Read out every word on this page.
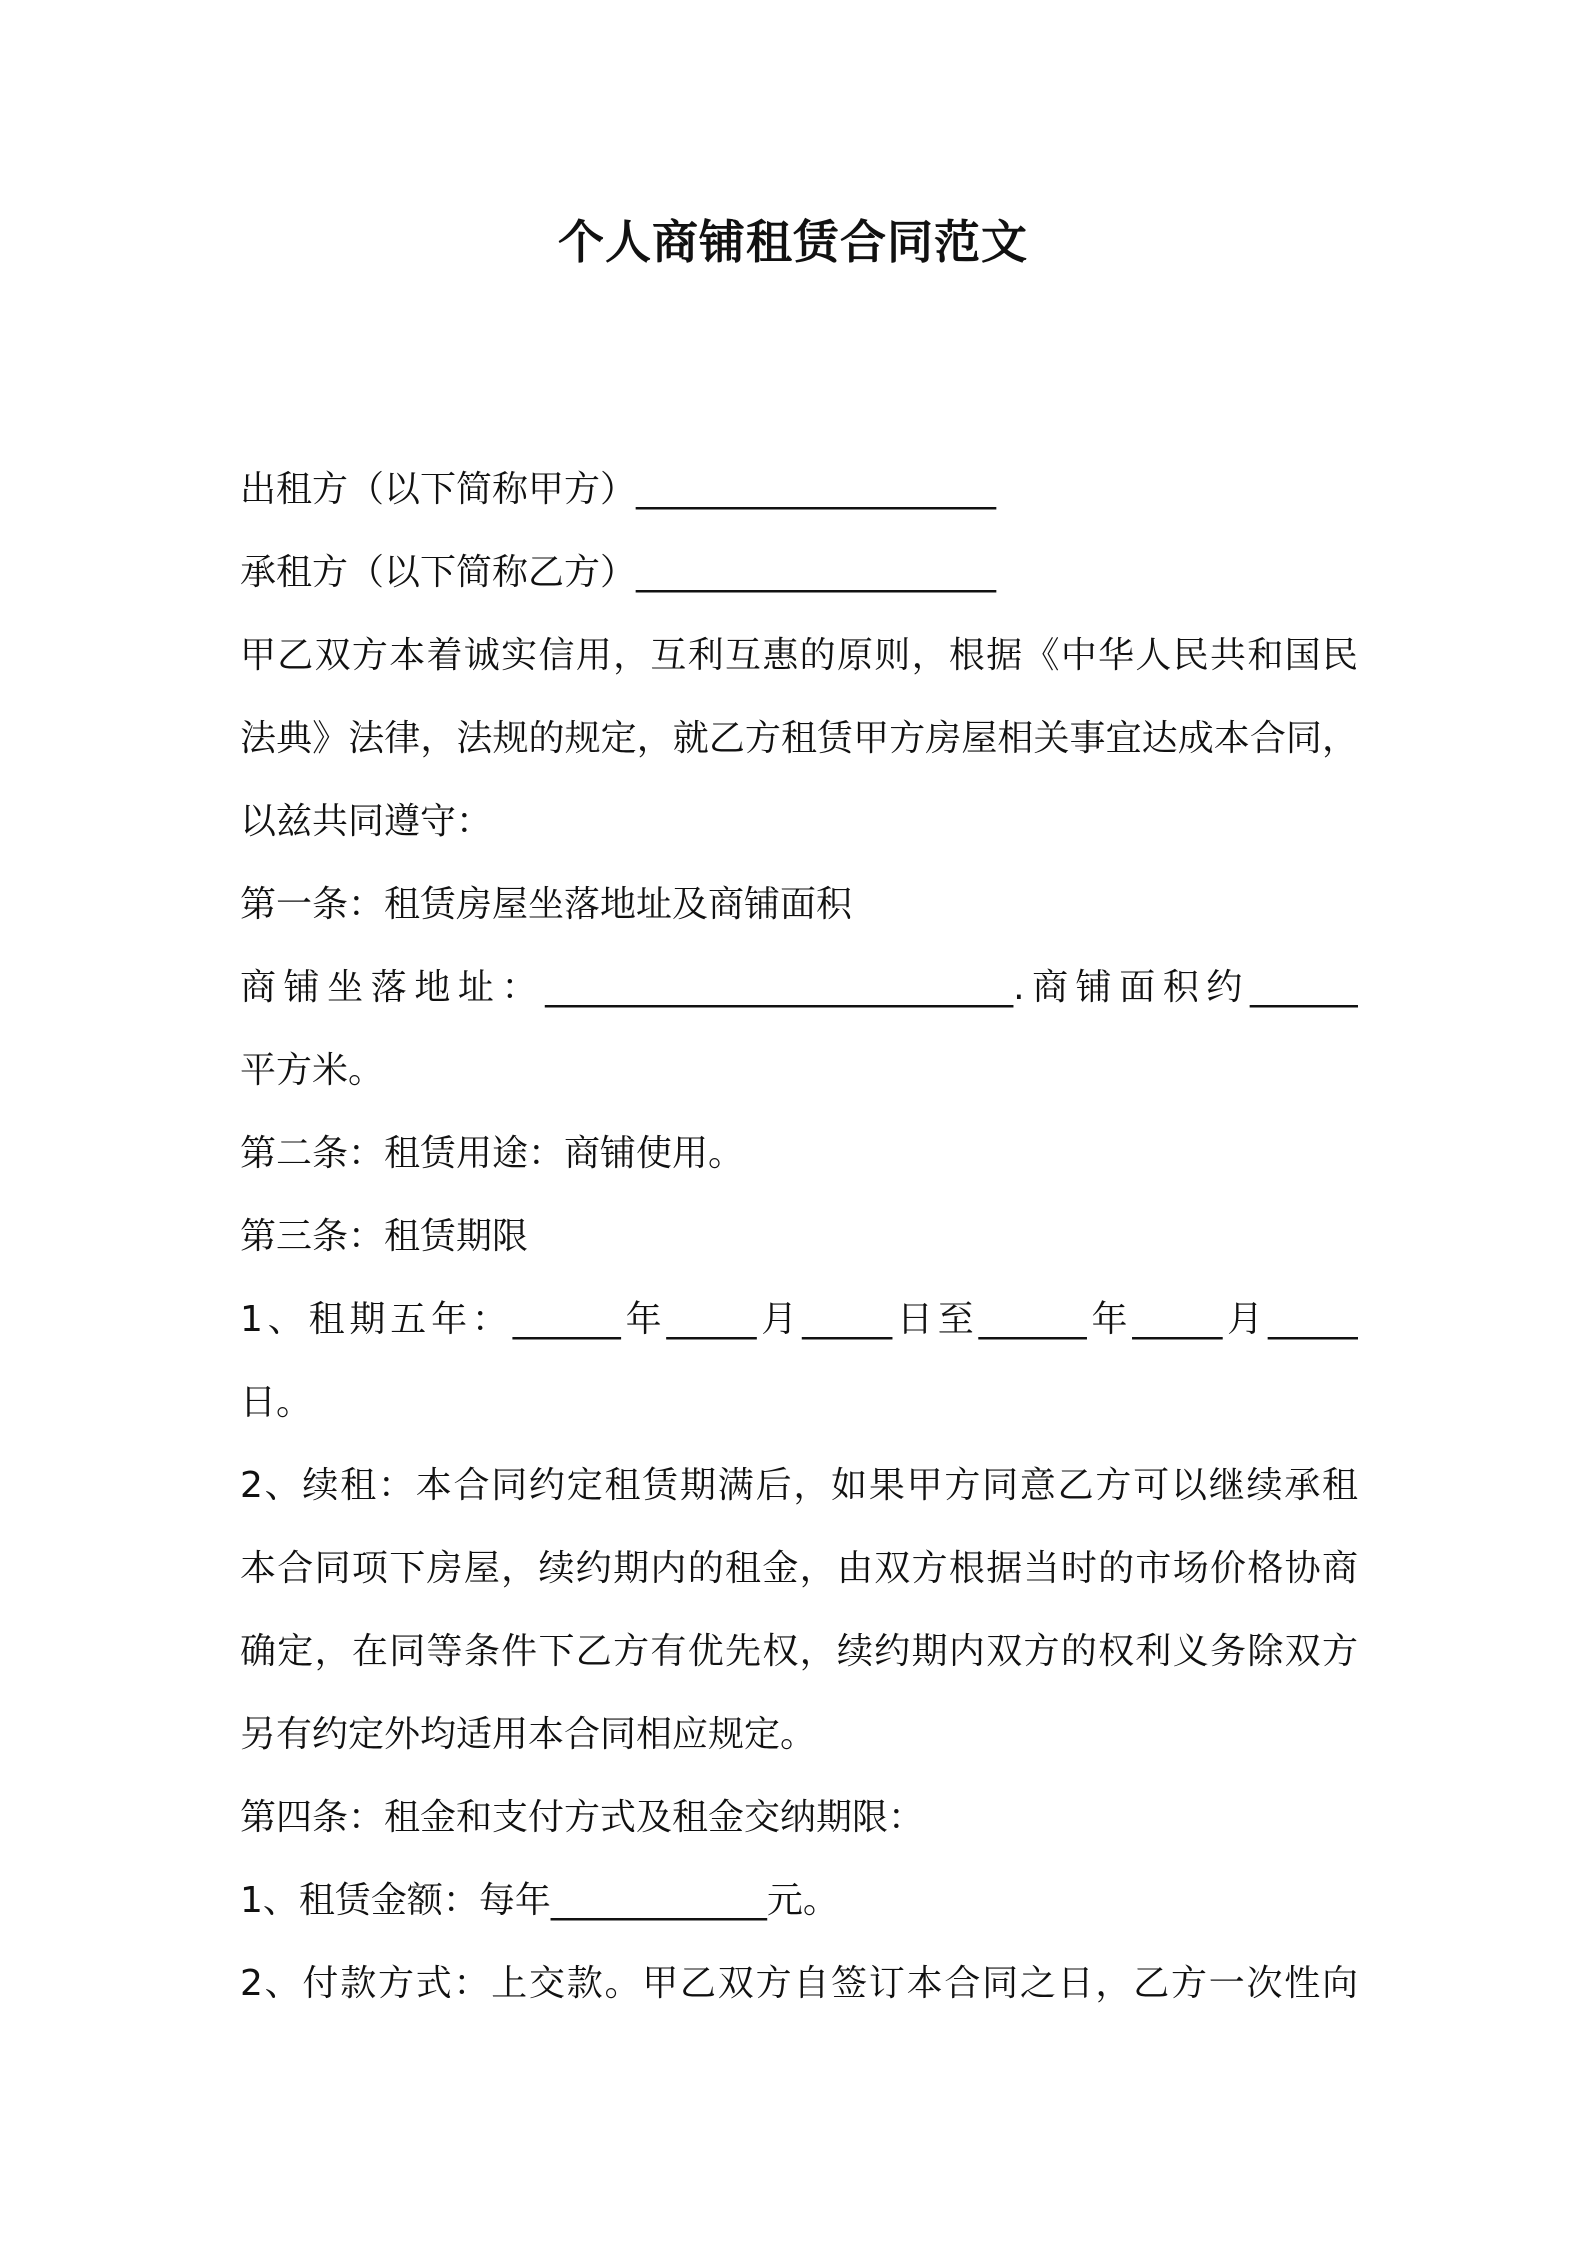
个人商铺租赁合同范文
出租方（以下简称甲方）____________________
承租方（以下简称乙方）____________________
甲乙双方本着诚实信用，互利互惠的原则，根据《中华人民共和国民
法典》法律，法规的规定，就乙方租赁甲方房屋相关事宜达成本合同，
以兹共同遵守：
第一条：租赁房屋坐落地址及商铺面积
商铺坐落地址：__________________________.商铺面积约______
平方米。
第二条：租赁用途：商铺使用。
第三条：租赁期限
1、租期五年：______年_____月_____日至______年_____月_____
日。
2、续租：本合同约定租赁期满后，如果甲方同意乙方可以继续承租
本合同项下房屋，续约期内的租金，由双方根据当时的市场价格协商
确定，在同等条件下乙方有优先权，续约期内双方的权利义务除双方
另有约定外均适用本合同相应规定。
第四条：租金和支付方式及租金交纳期限：
1、租赁金额：每年____________元。
2、付款方式：上交款。甲乙双方自签订本合同之日，乙方一次性向
